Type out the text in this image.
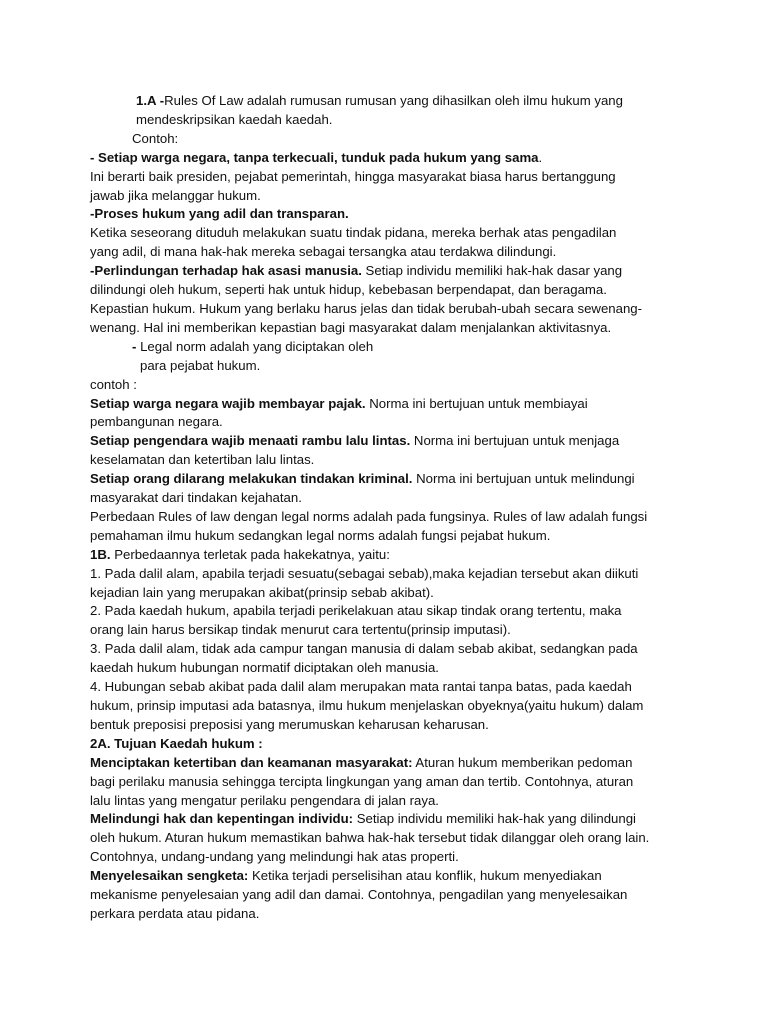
1.A -Rules Of Law adalah rumusan rumusan yang dihasilkan oleh ilmu hukum yang

mendeskripsikan kaedah kaedah.

Contoh:

- Setiap warga negara, tanpa terkecuali, tunduk pada hukum yang sama.

Ini berarti baik presiden, pejabat pemerintah, hingga masyarakat biasa harus bertanggung

jawab jika melanggar hukum.

-Proses hukum yang adil dan transparan.

Ketika seseorang dituduh melakukan suatu tindak pidana, mereka berhak atas pengadilan

yang adil, di mana hak-hak mereka sebagai tersangka atau terdakwa dilindungi.

-Perlindungan terhadap hak asasi manusia. Setiap individu memiliki hak-hak dasar yang

dilindungi oleh hukum, seperti hak untuk hidup, kebebasan berpendapat, dan beragama.

Kepastian hukum. Hukum yang berlaku harus jelas dan tidak berubah-ubah secara sewenang-

wenang. Hal ini memberikan kepastian bagi masyarakat dalam menjalankan aktivitasnya.

- Legal norm adalah yang diciptakan oleh

para pejabat hukum.

contoh :

Setiap warga negara wajib membayar pajak. Norma ini bertujuan untuk membiayai

pembangunan negara.

Setiap pengendara wajib menaati rambu lalu lintas. Norma ini bertujuan untuk menjaga

keselamatan dan ketertiban lalu lintas.

Setiap orang dilarang melakukan tindakan kriminal. Norma ini bertujuan untuk melindungi

masyarakat dari tindakan kejahatan.

Perbedaan Rules of law dengan legal norms adalah pada fungsinya. Rules of law adalah fungsi

pemahaman ilmu hukum sedangkan legal norms adalah fungsi pejabat hukum.

1B. Perbedaannya terletak pada hakekatnya, yaitu:

1. Pada dalil alam, apabila terjadi sesuatu(sebagai sebab),maka kejadian tersebut akan diikuti

kejadian lain yang merupakan akibat(prinsip sebab akibat).

2. Pada kaedah hukum, apabila terjadi perikelakuan atau sikap tindak orang tertentu, maka

orang lain harus bersikap tindak menurut cara tertentu(prinsip imputasi).

3. Pada dalil alam, tidak ada campur tangan manusia di dalam sebab akibat, sedangkan pada

kaedah hukum hubungan normatif diciptakan oleh manusia.

4. Hubungan sebab akibat pada dalil alam merupakan mata rantai tanpa batas, pada kaedah

hukum, prinsip imputasi ada batasnya, ilmu hukum menjelaskan obyeknya(yaitu hukum) dalam

bentuk preposisi preposisi yang merumuskan keharusan keharusan.

2A. Tujuan Kaedah hukum :

Menciptakan ketertiban dan keamanan masyarakat: Aturan hukum memberikan pedoman

bagi perilaku manusia sehingga tercipta lingkungan yang aman dan tertib. Contohnya, aturan

lalu lintas yang mengatur perilaku pengendara di jalan raya.

Melindungi hak dan kepentingan individu: Setiap individu memiliki hak-hak yang dilindungi

oleh hukum. Aturan hukum memastikan bahwa hak-hak tersebut tidak dilanggar oleh orang lain.

Contohnya, undang-undang yang melindungi hak atas properti.

Menyelesaikan sengketa: Ketika terjadi perselisihan atau konflik, hukum menyediakan

mekanisme penyelesaian yang adil dan damai. Contohnya, pengadilan yang menyelesaikan

perkara perdata atau pidana.
